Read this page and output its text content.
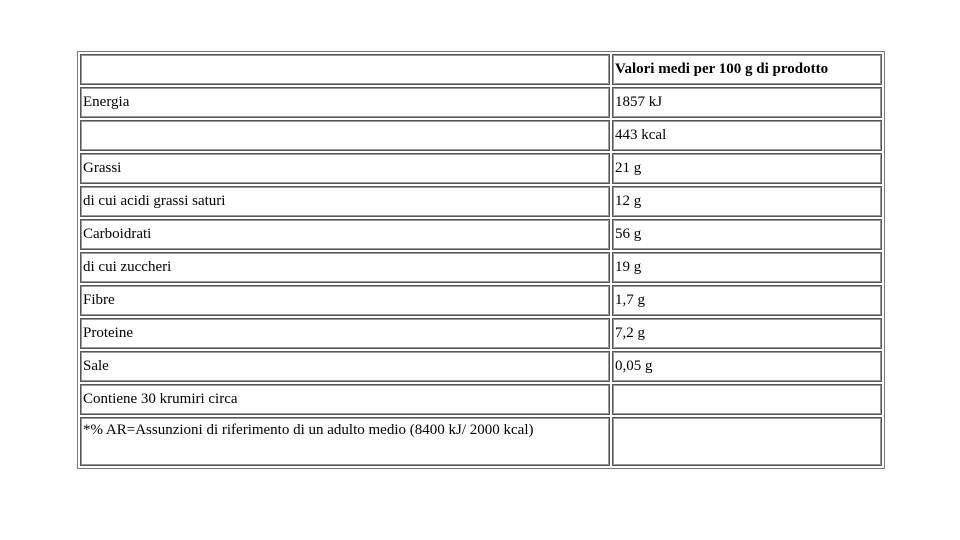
	Valori medi per 100 g di prodotto
Energia	1857 kJ
	443 kcal
Grassi	21 g
di cui acidi grassi saturi	12 g
Carboidrati	56 g
di cui zuccheri	19 g
Fibre	1,7 g
Proteine	7,2 g
Sale	0,05 g
Contiene 30 krumiri circa	
*% AR=Assunzioni di riferimento di un adulto medio (8400 kJ/ 2000 kcal)	
